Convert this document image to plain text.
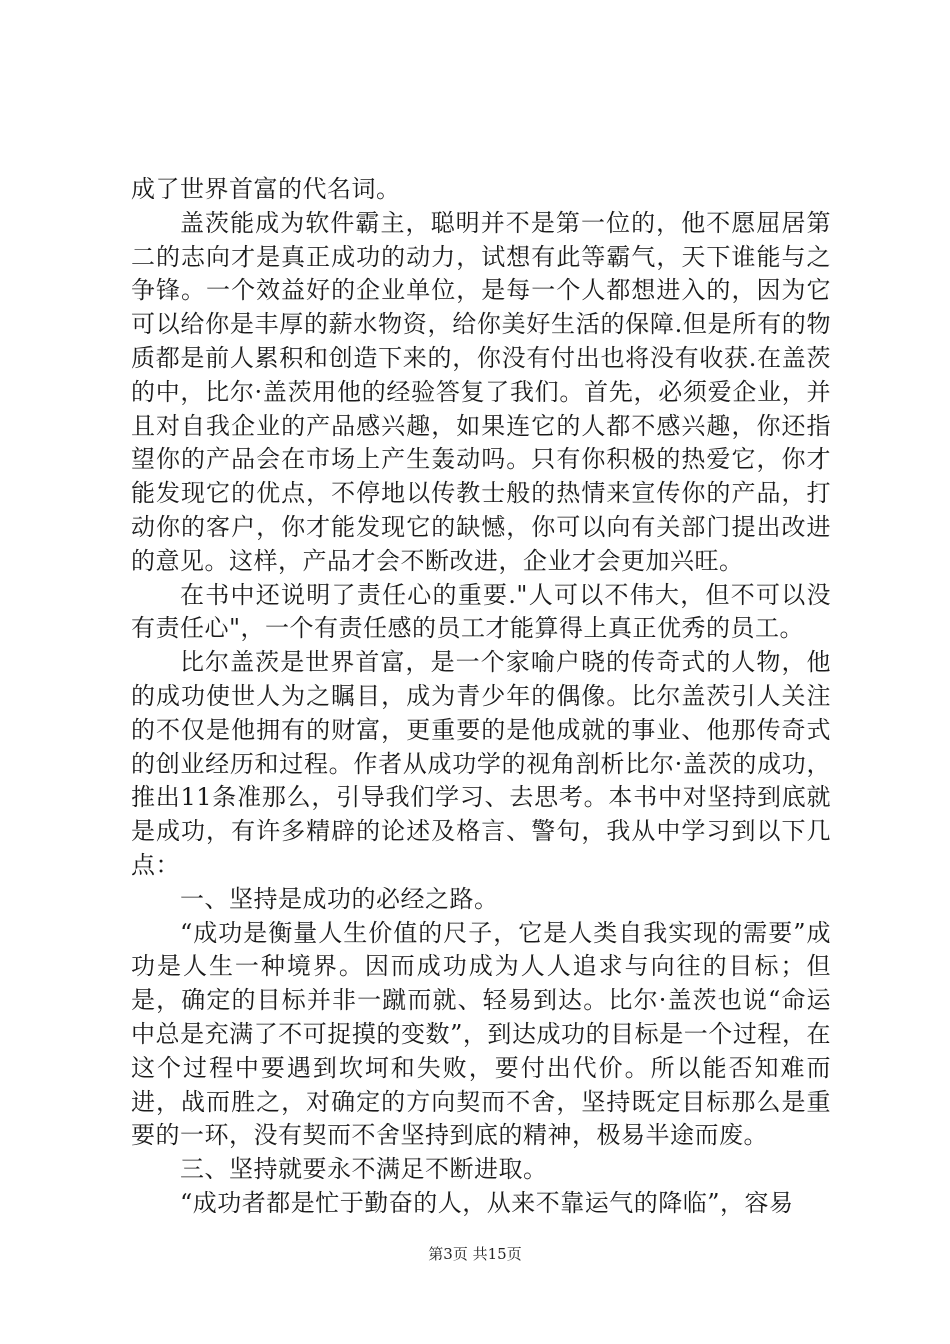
成了世界首富的代名词。

盖茨能成为软件霸主，聪明并不是第一位的，他不愿屈居第二的志向才是真正成功的动力，试想有此等霸气，天下谁能与之争锋。一个效益好的企业单位，是每一个人都想进入的，因为它可以给你是丰厚的薪水物资，给你美好生活的保障.但是所有的物质都是前人累积和创造下来的，你没有付出也将没有收获.在盖茨的中，比尔·盖茨用他的经验答复了我们。首先，必须爱企业，并且对自我企业的产品感兴趣，如果连它的人都不感兴趣，你还指望你的产品会在市场上产生轰动吗。只有你积极的热爱它，你才能发现它的优点，不停地以传教士般的热情来宣传你的产品，打动你的客户，你才能发现它的缺憾，你可以向有关部门提出改进的意见。这样，产品才会不断改进，企业才会更加兴旺。

在书中还说明了责任心的重要."人可以不伟大，但不可以没有责任心"，一个有责任感的员工才能算得上真正优秀的员工。

比尔盖茨是世界首富，是一个家喻户晓的传奇式的人物，他的成功使世人为之瞩目，成为青少年的偶像。比尔盖茨引人关注的不仅是他拥有的财富，更重要的是他成就的事业、他那传奇式的创业经历和过程。作者从成功学的视角剖析比尔·盖茨的成功，推出11条准那么，引导我们学习、去思考。本书中对坚持到底就是成功，有许多精辟的论述及格言、警句，我从中学习到以下几点：

一、坚持是成功的必经之路。

“成功是衡量人生价值的尺子，它是人类自我实现的需要”成功是人生一种境界。因而成功成为人人追求与向往的目标；但是，确定的目标并非一蹴而就、轻易到达。比尔·盖茨也说“命运中总是充满了不可捉摸的变数”，到达成功的目标是一个过程，在这个过程中要遇到坎坷和失败，要付出代价。所以能否知难而进，战而胜之，对确定的方向契而不舍，坚持既定目标那么是重要的一环，没有契而不舍坚持到底的精神，极易半途而废。

三、坚持就要永不满足不断进取。

“成功者都是忙于勤奋的人，从来不靠运气的降临”，容易

第3页 共15页
